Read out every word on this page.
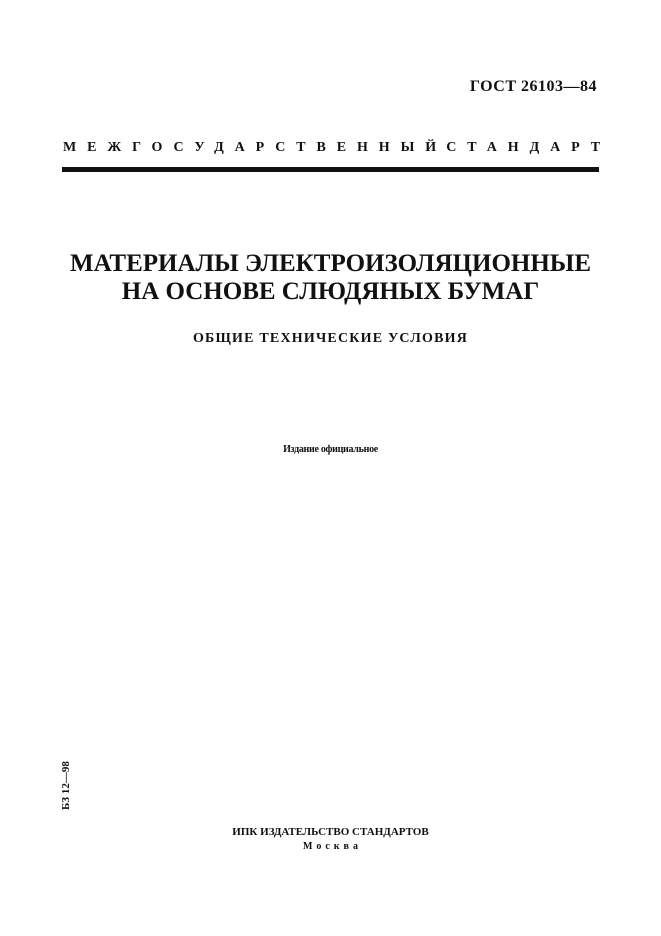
ГОСТ 26103—84
МЕЖГОСУДАРСТВЕННЫЙ СТАНДАРТ
МАТЕРИАЛЫ ЭЛЕКТРОИЗОЛЯЦИОННЫЕ
НА ОСНОВЕ СЛЮДЯНЫХ БУМАГ
ОБЩИЕ ТЕХНИЧЕСКИЕ УСЛОВИЯ
Издание официальное
БЗ 12—98
ИПК ИЗДАТЕЛЬСТВО СТАНДАРТОВ
Москва
